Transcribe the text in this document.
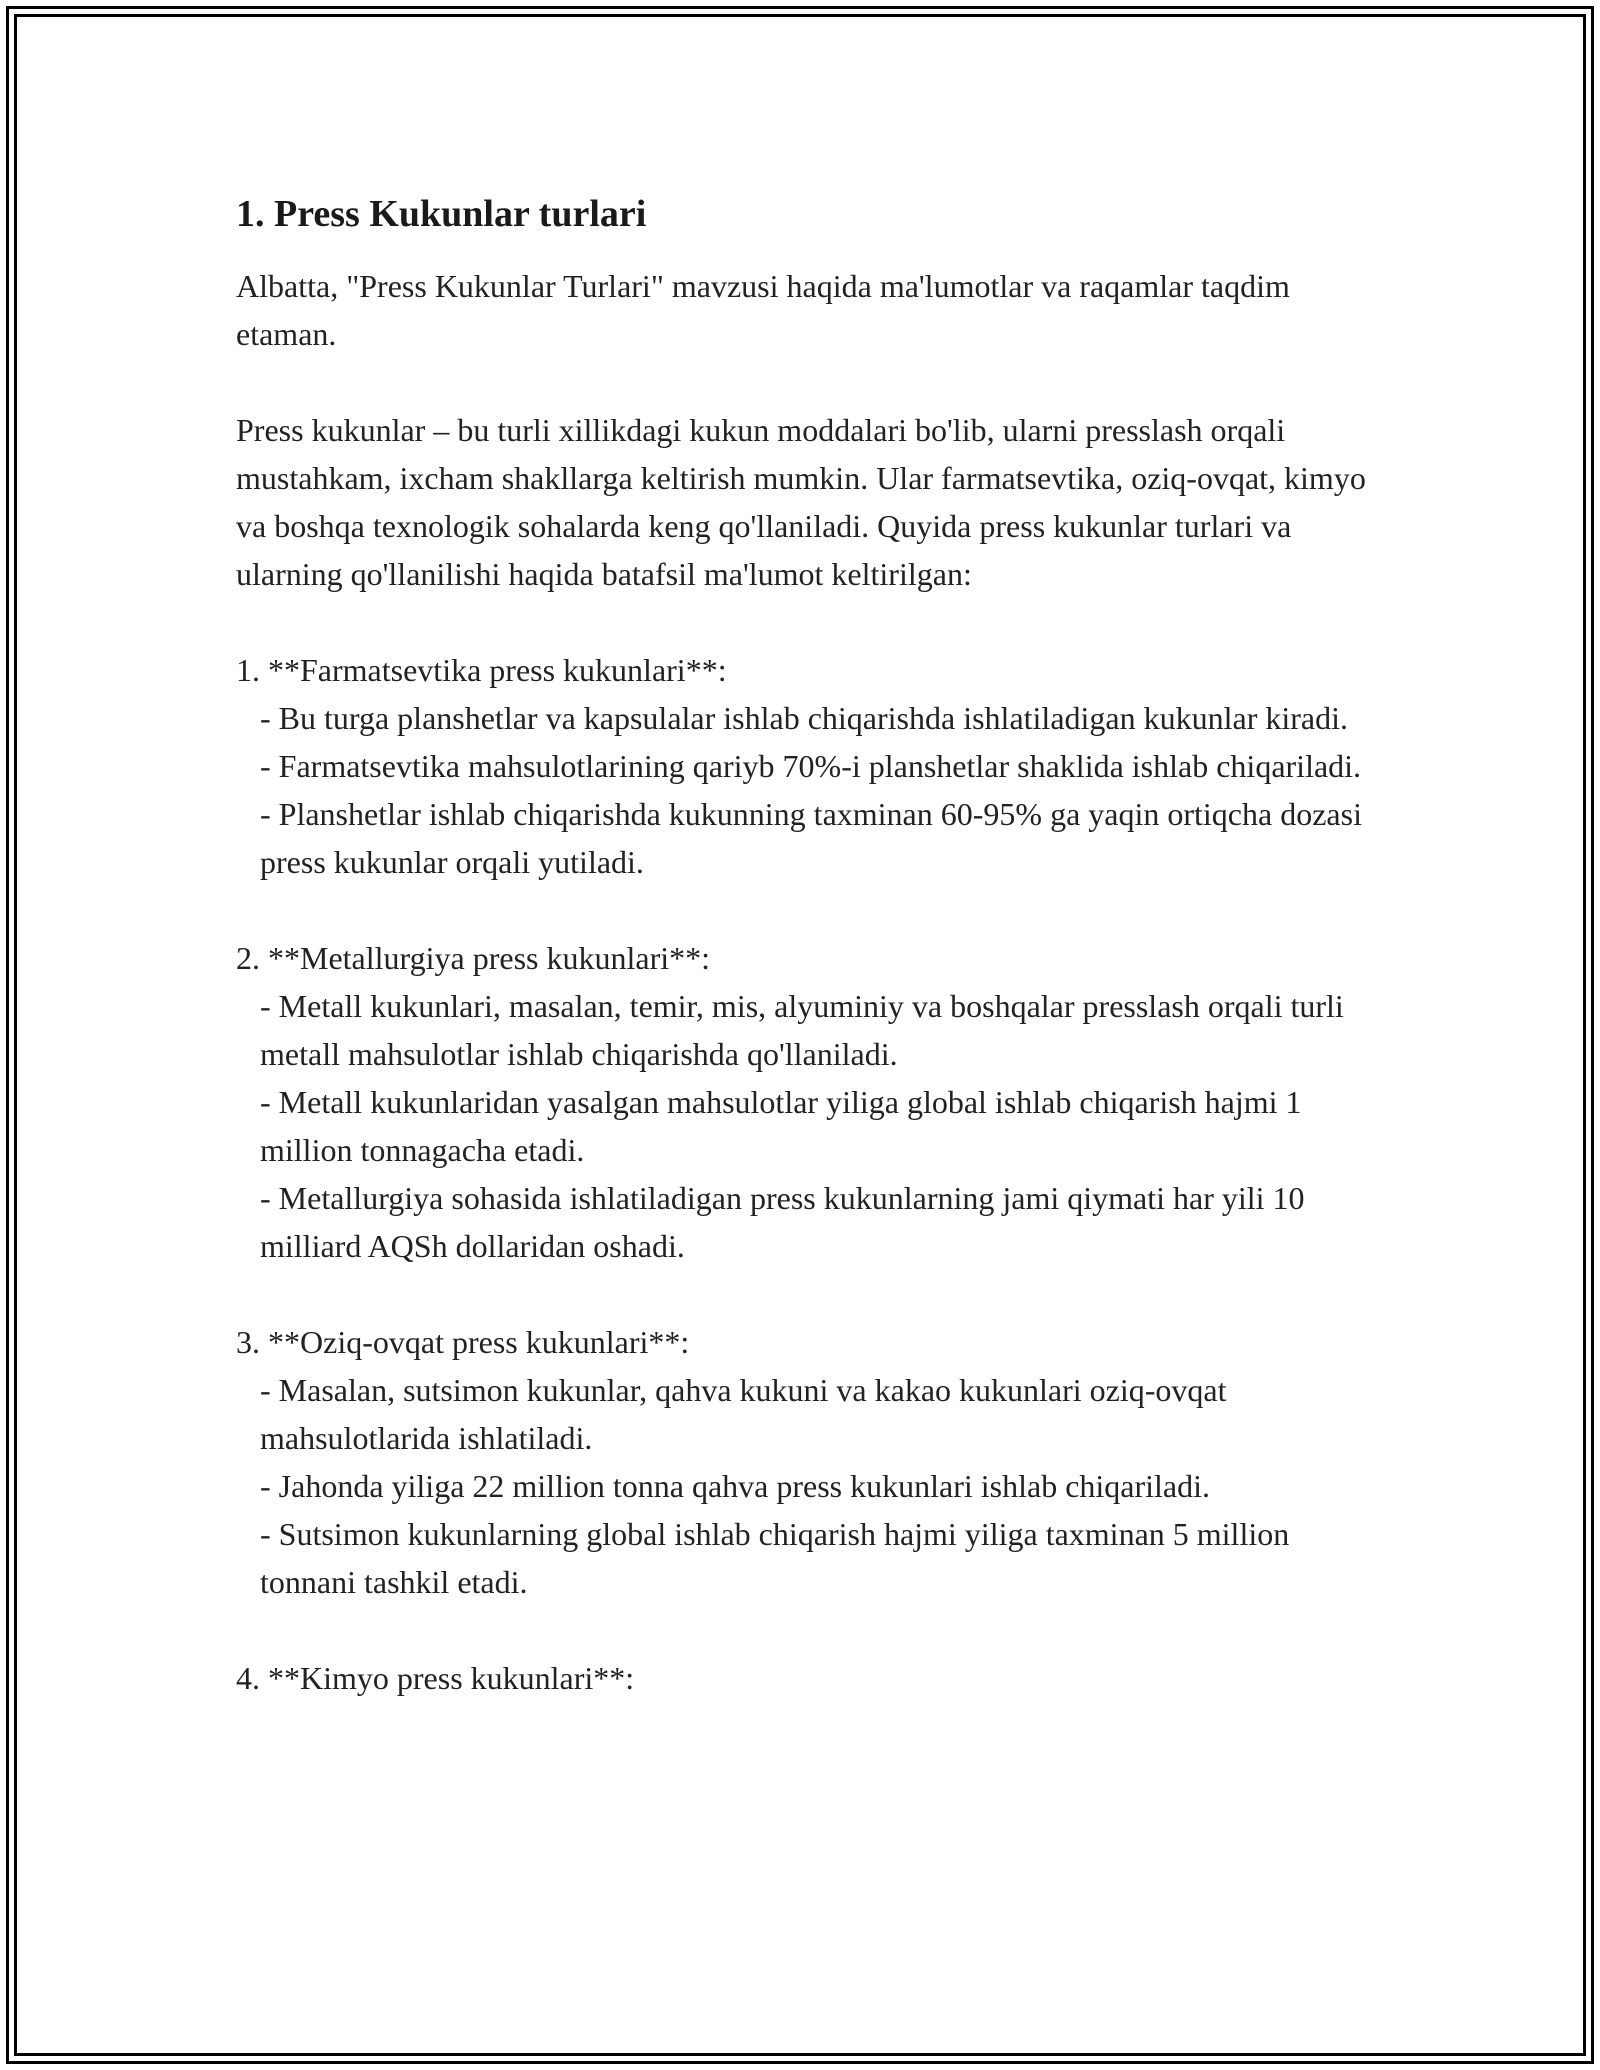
1. Press Kukunlar turlari

Albatta, "Press Kukunlar Turlari" mavzusi haqida ma'lumotlar va raqamlar taqdim etaman.

Press kukunlar – bu turli xillikdagi kukun moddalari bo'lib, ularni presslash orqali mustahkam, ixcham shakllarga keltirish mumkin. Ular farmatsevtika, oziq-ovqat, kimyo va boshqa texnologik sohalarda keng qo'llaniladi. Quyida press kukunlar turlari va ularning qo'llanilishi haqida batafsil ma'lumot keltirilgan:

1. **Farmatsevtika press kukunlari**:

- Bu turga planshetlar va kapsulalar ishlab chiqarishda ishlatiladigan kukunlar kiradi.

- Farmatsevtika mahsulotlarining qariyb 70%-i planshetlar shaklida ishlab chiqariladi.

- Planshetlar ishlab chiqarishda kukunning taxminan 60-95% ga yaqin ortiqcha dozasi press kukunlar orqali yutiladi.

2. **Metallurgiya press kukunlari**:

- Metall kukunlari, masalan, temir, mis, alyuminiy va boshqalar presslash orqali turli metall mahsulotlar ishlab chiqarishda qo'llaniladi.

- Metall kukunlaridan yasalgan mahsulotlar yiliga global ishlab chiqarish hajmi 1 million tonnagacha etadi.

- Metallurgiya sohasida ishlatiladigan press kukunlarning jami qiymati har yili 10 milliard AQSh dollaridan oshadi.

3. **Oziq-ovqat press kukunlari**:

- Masalan, sutsimon kukunlar, qahva kukuni va kakao kukunlari oziq-ovqat mahsulotlarida ishlatiladi.

- Jahonda yiliga 22 million tonna qahva press kukunlari ishlab chiqariladi.

- Sutsimon kukunlarning global ishlab chiqarish hajmi yiliga taxminan 5 million tonnani tashkil etadi.

4. **Kimyo press kukunlari**:
